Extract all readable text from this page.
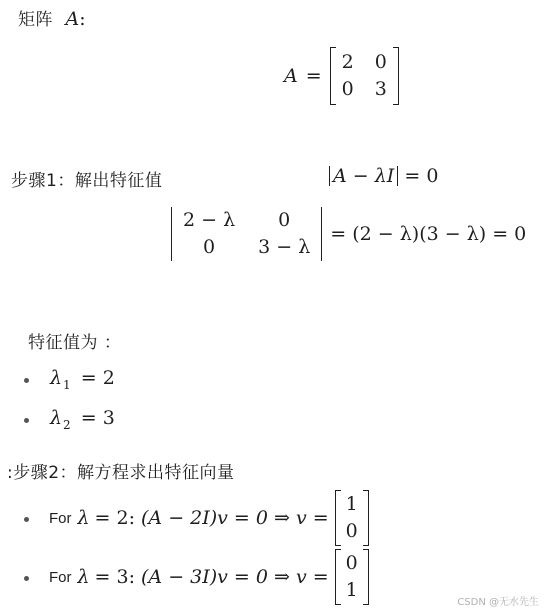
矩阵 A:
A =
2	0
0	3
步骤1：解出特征值	A − λI = 0
2 − λ	0
0	3 − λ
= (2 − λ)(3 − λ) = 0
特征值为 ：
$\lambda_1 = 2$
$\lambda_2 = 3$
:步骤2：解方程求出特征向量
For λ = 2 : (A − 2I)v = 0 ⇒ v =
1
0
For λ = 3 : (A − 3I)v = 0 ⇒ v =
0
1
CSDN @无水先生
